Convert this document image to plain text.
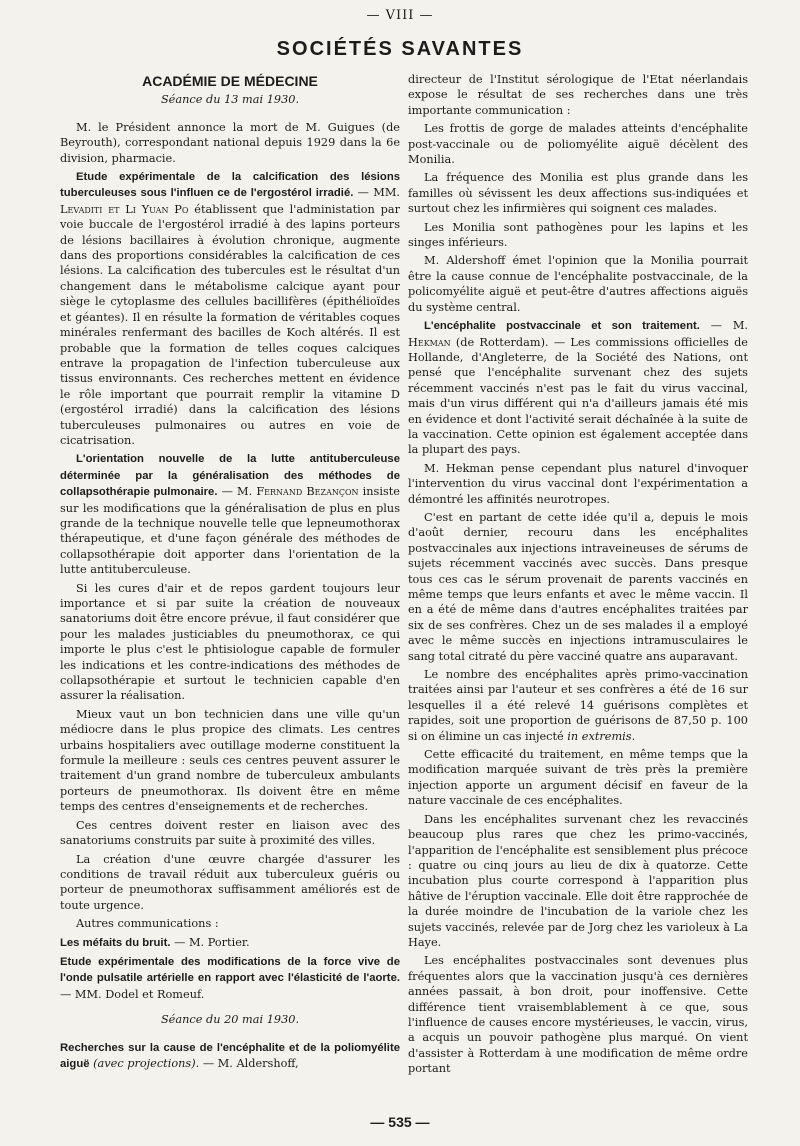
— VIII —
SOCIÉTÉS SAVANTES
ACADÉMIE DE MÉDECINE

Séance du 13 mai 1930.

M. le Président annonce la mort de M. Guigues (de Beyrouth), correspondant national depuis 1929 dans la 6e division, pharmacie.

Etude expérimentale de la calcification des lésions tuberculeuses sous l'influen ce de l'ergostérol irradié. — MM. Levaditi et Li Yuan Po établissent que l'administation par voie buccale de l'ergostérol irradié à des lapins porteurs de lésions bacillaires à évolution chronique, augmente dans des proportions considérables la calcification de ces lésions. La calcification des tubercules est le résultat d'un changement dans le métabolisme calcique ayant pour siège le cytoplasme des cellules bacillifères (épithélioïdes et géantes). Il en résulte la formation de véritables coques minérales renfermant des bacilles de Koch altérés. Il est probable que la formation de telles coques calciques entrave la propagation de l'infection tuberculeuse aux tissus environnants. Ces recherches mettent en évidence le rôle important que pourrait remplir la vitamine D (ergostérol irradié) dans la calcification des lésions tuberculeuses pulmonaires ou autres en voie de cicatrisation.

L'orientation nouvelle de la lutte antituberculeuse déterminée par la généralisation des méthodes de collapsothérapie pulmonaire. — M. Fernand Bezançon insiste sur les modifications que la généralisation de plus en plus grande de la technique nouvelle telle que lepneumothorax thérapeutique, et d'une façon générale des méthodes de collapsothérapie doit apporter dans l'orientation de la lutte antituberculeuse.

Si les cures d'air et de repos gardent toujours leur importance et si par suite la création de nouveaux sanatoriums doit être encore prévue, il faut considérer que pour les malades justiciables du pneumothorax, ce qui importe le plus c'est le phtisiologue capable de formuler les indications et les contre-indications des méthodes de collapsothérapie et surtout le technicien capable d'en assurer la réalisation.

Mieux vaut un bon technicien dans une ville qu'un médiocre dans le plus propice des climats. Les centres urbains hospitaliers avec outillage moderne constituent la formule la meilleure : seuls ces centres peuvent assurer le traitement d'un grand nombre de tuberculeux ambulants porteurs de pneumothorax. Ils doivent être en même temps des centres d'enseignements et de recherches.

Ces centres doivent rester en liaison avec des sanatoriums construits par suite à proximité des villes.

La création d'une œuvre chargée d'assurer les conditions de travail réduit aux tuberculeux guéris ou porteur de pneumothorax suffisamment améliorés est de toute urgence.

Autres communications :

Les méfaits du bruit. — M. Portier.

Etude expérimentale des modifications de la force vive de l'onde pulsatile artérielle en rapport avec l'élasticité de l'aorte. — MM. Dodel et Romeuf.

Séance du 20 mai 1930.

Recherches sur la cause de l'encéphalite et de la poliomyélite aiguë (avec projections). — M. Aldershoff,

directeur de l'Institut sérologique de l'Etat néerlandais expose le résultat de ses recherches dans une très importante communication :

Les frottis de gorge de malades atteints d'encéphalite post-vaccinale ou de poliomyélite aiguë décèlent des Monilia.

La fréquence des Monilia est plus grande dans les familles où sévissent les deux affections sus-indiquées et surtout chez les infirmières qui soignent ces malades.

Les Monilia sont pathogènes pour les lapins et les singes inférieurs.

M. Aldershoff émet l'opinion que la Monilia pourrait être la cause connue de l'encéphalite postvaccinale, de la policomyélite aiguë et peut-être d'autres affections aiguës du système central.

L'encéphalite postvaccinale et son traitement. — M. Hekman (de Rotterdam). — Les commissions officielles de Hollande, d'Angleterre, de la Société des Nations, ont pensé que l'encéphalite survenant chez des sujets récemment vaccinés n'est pas le fait du virus vaccinal, mais d'un virus différent qui n'a d'ailleurs jamais été mis en évidence et dont l'activité serait déchaînée à la suite de la vaccination. Cette opinion est également acceptée dans la plupart des pays.

M. Hekman pense cependant plus naturel d'invoquer l'intervention du virus vaccinal dont l'expérimentation a démontré les affinités neurotropes.

C'est en partant de cette idée qu'il a, depuis le mois d'août dernier, recouru dans les encéphalites postvaccinales aux injections intraveineuses de sérums de sujets récemment vaccinés avec succès. Dans presque tous ces cas le sérum provenait de parents vaccinés en même temps que leurs enfants et avec le même vaccin. Il en a été de même dans d'autres encéphalites traitées par six de ses confrères. Chez un de ses malades il a employé avec le même succès en injections intramusculaires le sang total citraté du père vacciné quatre ans auparavant.

Le nombre des encéphalites après primo-vaccination traitées ainsi par l'auteur et ses confrères a été de 16 sur lesquelles il a été relevé 14 guérisons complètes et rapides, soit une proportion de guérisons de 87,50 p. 100 si on élimine un cas injecté in extremis.

Cette efficacité du traitement, en même temps que la modification marquée suivant de très près la première injection apporte un argument décisif en faveur de la nature vaccinale de ces encéphalites.

Dans les encéphalites survenant chez les revaccinés beaucoup plus rares que chez les primo-vaccinés, l'apparition de l'encéphalite est sensiblement plus précoce : quatre ou cinq jours au lieu de dix à quatorze. Cette incubation plus courte correspond à l'apparition plus hâtive de l'éruption vaccinale. Elle doit être rapprochée de la durée moindre de l'incubation de la variole chez les sujets vaccinés, relevée par de Jorg chez les varioleux à La Haye.

Les encéphalites postvaccinales sont devenues plus fréquentes alors que la vaccination jusqu'à ces dernières années passait, à bon droit, pour inoffensive. Cette différence tient vraisemblablement à ce que, sous l'influence de causes encore mystérieuses, le vaccin, virus, a acquis un pouvoir pathogène plus marqué. On vient d'assister à Rotterdam à une modification de même ordre portant

— 535 —
